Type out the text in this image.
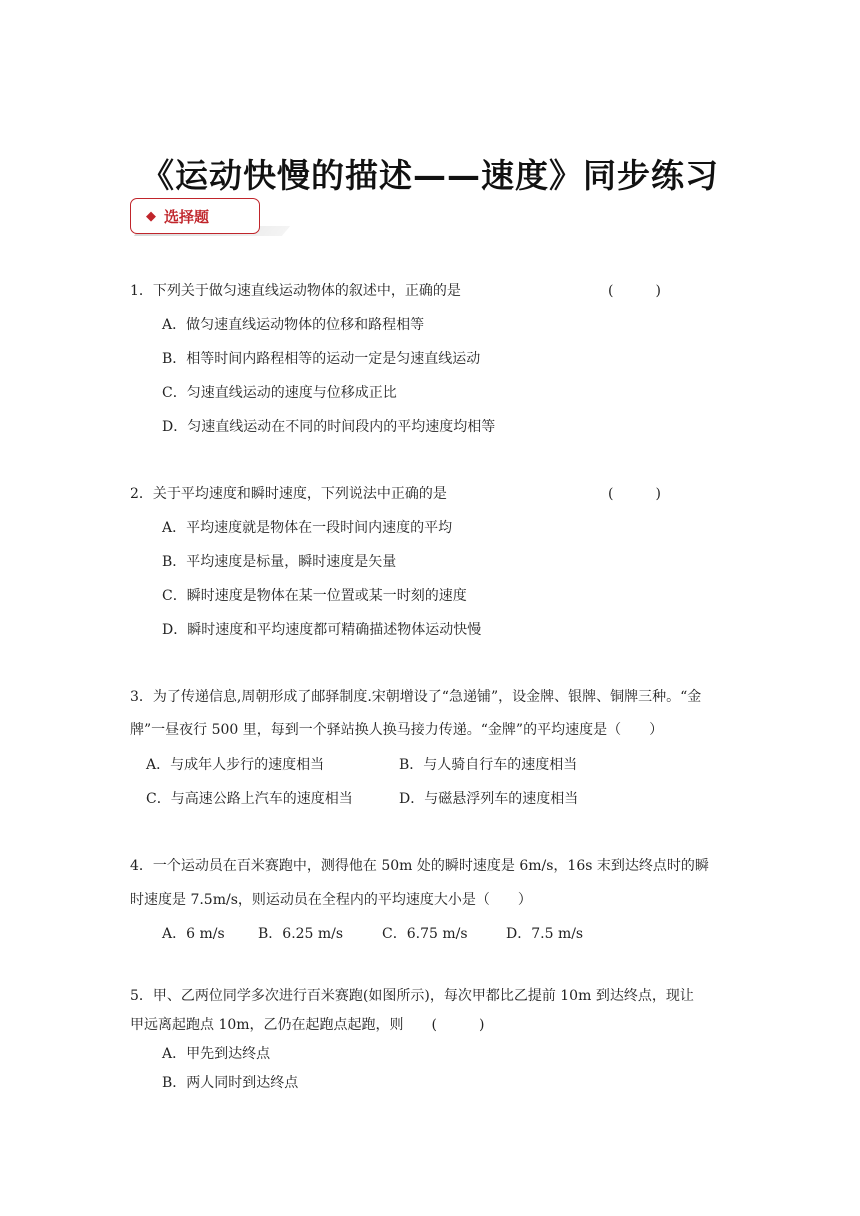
《运动快慢的描述——速度》同步练习
◆ 选择题
1．下列关于做匀速直线运动物体的叙述中，正确的是	(　　　)
A．做匀速直线运动物体的位移和路程相等
B．相等时间内路程相等的运动一定是匀速直线运动
C．匀速直线运动的速度与位移成正比
D．匀速直线运动在不同的时间段内的平均速度均相等
2．关于平均速度和瞬时速度，下列说法中正确的是	(　　　)
A．平均速度就是物体在一段时间内速度的平均
B．平均速度是标量，瞬时速度是矢量
C．瞬时速度是物体在某一位置或某一时刻的速度
D．瞬时速度和平均速度都可精确描述物体运动快慢
3．为了传递信息,周朝形成了邮驿制度.宋朝增设了“急递铺”，设金牌、银牌、铜牌三种。“金
牌”一昼夜行 500 里，每到一个驿站换人换马接力传递。“金牌”的平均速度是（　　）
A．与成年人步行的速度相当	B．与人骑自行车的速度相当
C．与高速公路上汽车的速度相当	D．与磁悬浮列车的速度相当
4．一个运动员在百米赛跑中，测得他在 50m 处的瞬时速度是 6m/s，16s 末到达终点时的瞬
时速度是 7.5m/s，则运动员在全程内的平均速度大小是（　　）
A．6 m/s B．6.25 m/s	C．6.75 m/s	D．7.5 m/s
5．甲、乙两位同学多次进行百米赛跑(如图所示)，每次甲都比乙提前 10m 到达终点，现让
甲远离起跑点 10m，乙仍在起跑点起跑，则　　(　　　)
A．甲先到达终点
B．两人同时到达终点
